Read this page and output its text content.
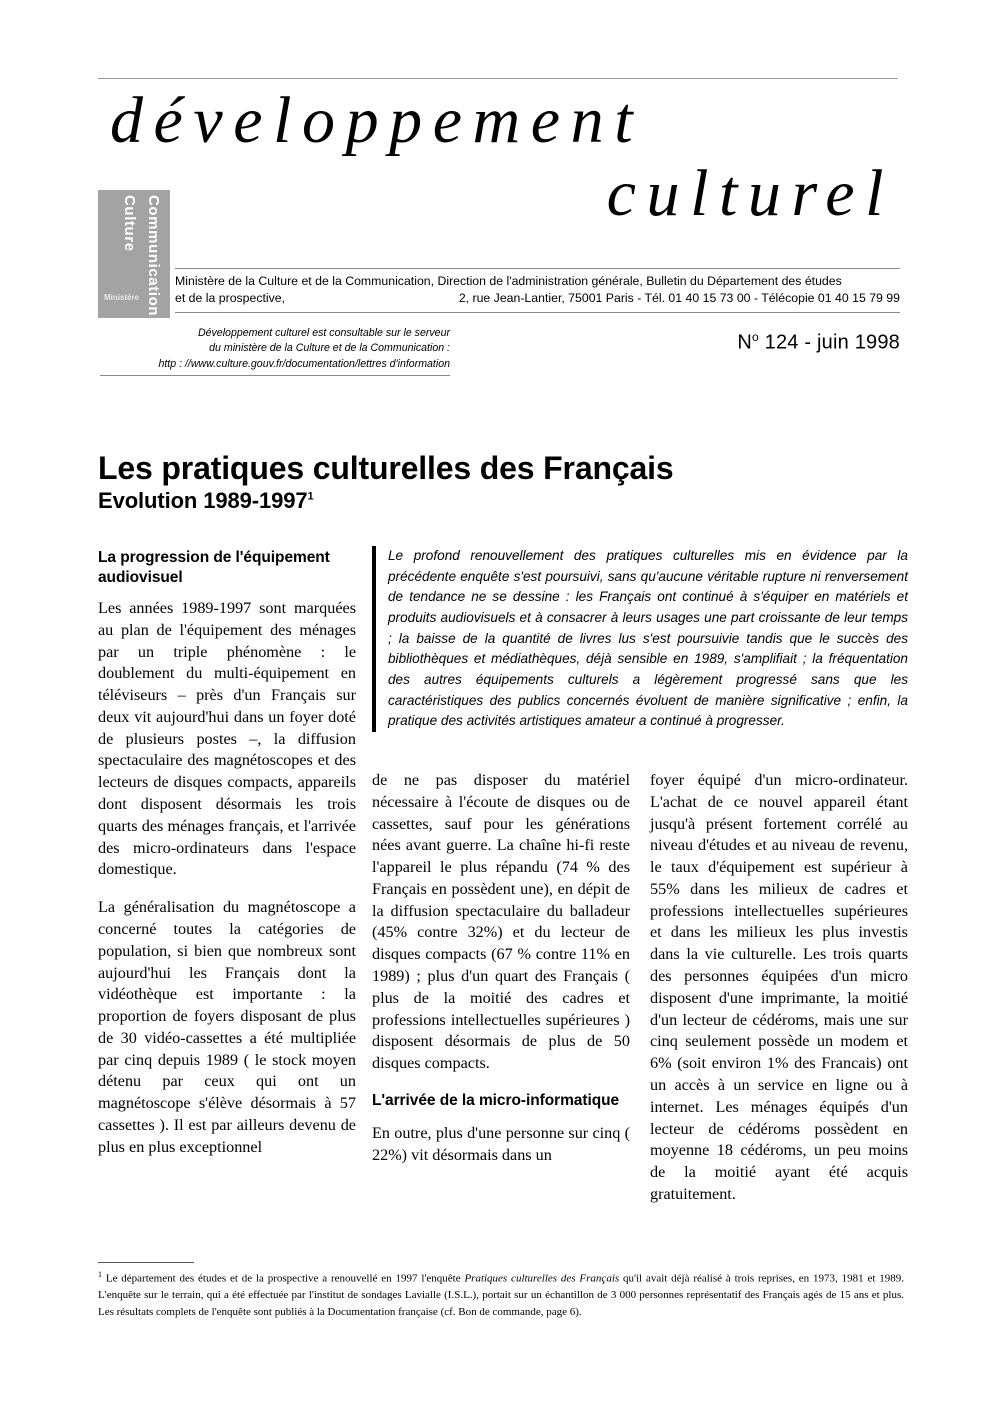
développement
culturel
Culture Communication
Ministère
Ministère de la Culture et de la Communication, Direction de l'administration générale, Bulletin du Département des études
et de la prospective,	2, rue Jean-Lantier, 75001 Paris - Tél. 01 40 15 73 00 - Télécopie 01 40 15 79 99
Développement culturel est consultable sur le serveur
du ministère de la Culture et de la Communication :
http : //www.culture.gouv.fr/documentation/lettres d'information
$N^o$ 124 - juin 1998
Les pratiques culturelles des Français
Evolution 1989-1997$^1$
La progression de l'équipement audiovisuel

Les années 1989-1997 sont marquées au plan de l'équipement des ménages par un triple phénomène : le doublement du multi-équipement en téléviseurs – près d'un Français sur deux vit aujourd'hui dans un foyer doté de plusieurs postes –, la diffusion spectaculaire des magnétoscopes et des lecteurs de disques compacts, appareils dont disposent désormais les trois quarts des ménages français, et l'arrivée des micro-ordinateurs dans l'espace domestique.

La généralisation du magnétoscope a concerné toutes la catégories de population, si bien que nombreux sont aujourd'hui les Français dont la vidéothèque est importante : la proportion de foyers disposant de plus de 30 vidéo-cassettes a été multipliée par cinq depuis 1989 ( le stock moyen détenu par ceux qui ont un magnétoscope s'élève désormais à 57 cassettes ). Il est par ailleurs devenu de plus en plus exceptionnel

Le profond renouvellement des pratiques culturelles mis en évidence par la précédente enquête s'est poursuivi, sans qu'aucune véritable rupture ni renversement de tendance ne se dessine : les Français ont continué à s'équiper en matériels et produits audiovisuels et à consacrer à leurs usages une part croissante de leur temps ; la baisse de la quantité de livres lus s'est poursuivie tandis que le succès des bibliothèques et médiathèques, déjà sensible en 1989, s'amplifiait ; la fréquentation des autres équipements culturels a légèrement progressé sans que les caractéristiques des publics concernés évoluent de manière significative ; enfin, la pratique des activités artistiques amateur a continué à progresser.

de ne pas disposer du matériel nécessaire à l'écoute de disques ou de cassettes, sauf pour les générations nées avant guerre. La chaîne hi-fi reste l'appareil le plus répandu (74 % des Français en possèdent une), en dépit de la diffusion spectaculaire du balladeur (45% contre 32%) et du lecteur de disques compacts (67 % contre 11% en 1989) ; plus d'un quart des Français ( plus de la moitié des cadres et professions intellectuelles supérieures ) disposent désormais de plus de 50 disques compacts.

L'arrivée de la micro-informatique

En outre, plus d'une personne sur cinq ( 22%) vit désormais dans un

foyer équipé d'un micro-ordinateur. L'achat de ce nouvel appareil étant jusqu'à présent fortement corrélé au niveau d'études et au niveau de revenu, le taux d'équipement est supérieur à 55% dans les milieux de cadres et professions intellectuelles supérieures et dans les milieux les plus investis dans la vie culturelle. Les trois quarts des personnes équipées d'un micro disposent d'une imprimante, la moitié d'un lecteur de cédéroms, mais une sur cinq seulement possède un modem et 6% (soit environ 1% des Francais) ont un accès à un service en ligne ou à internet. Les ménages équipés d'un lecteur de cédéroms possèdent en moyenne 18 cédéroms, un peu moins de la moitié ayant été acquis gratuitement.

$^1$ Le département des études et de la prospective a renouvellé en 1997 l'enquête Pratiques culturelles des Français qu'il avait déjà réalisé à trois reprises, en 1973, 1981 et 1989. L'enquête sur le terrain, qui a été effectuée par l'institut de sondages Lavialle (I.S.L.), portait sur un échantillon de 3 000 personnes représentatif des Français agés de 15 ans et plus. Les résultats complets de l'enquête sont publiés à la Documentation française (cf. Bon de commande, page 6).
